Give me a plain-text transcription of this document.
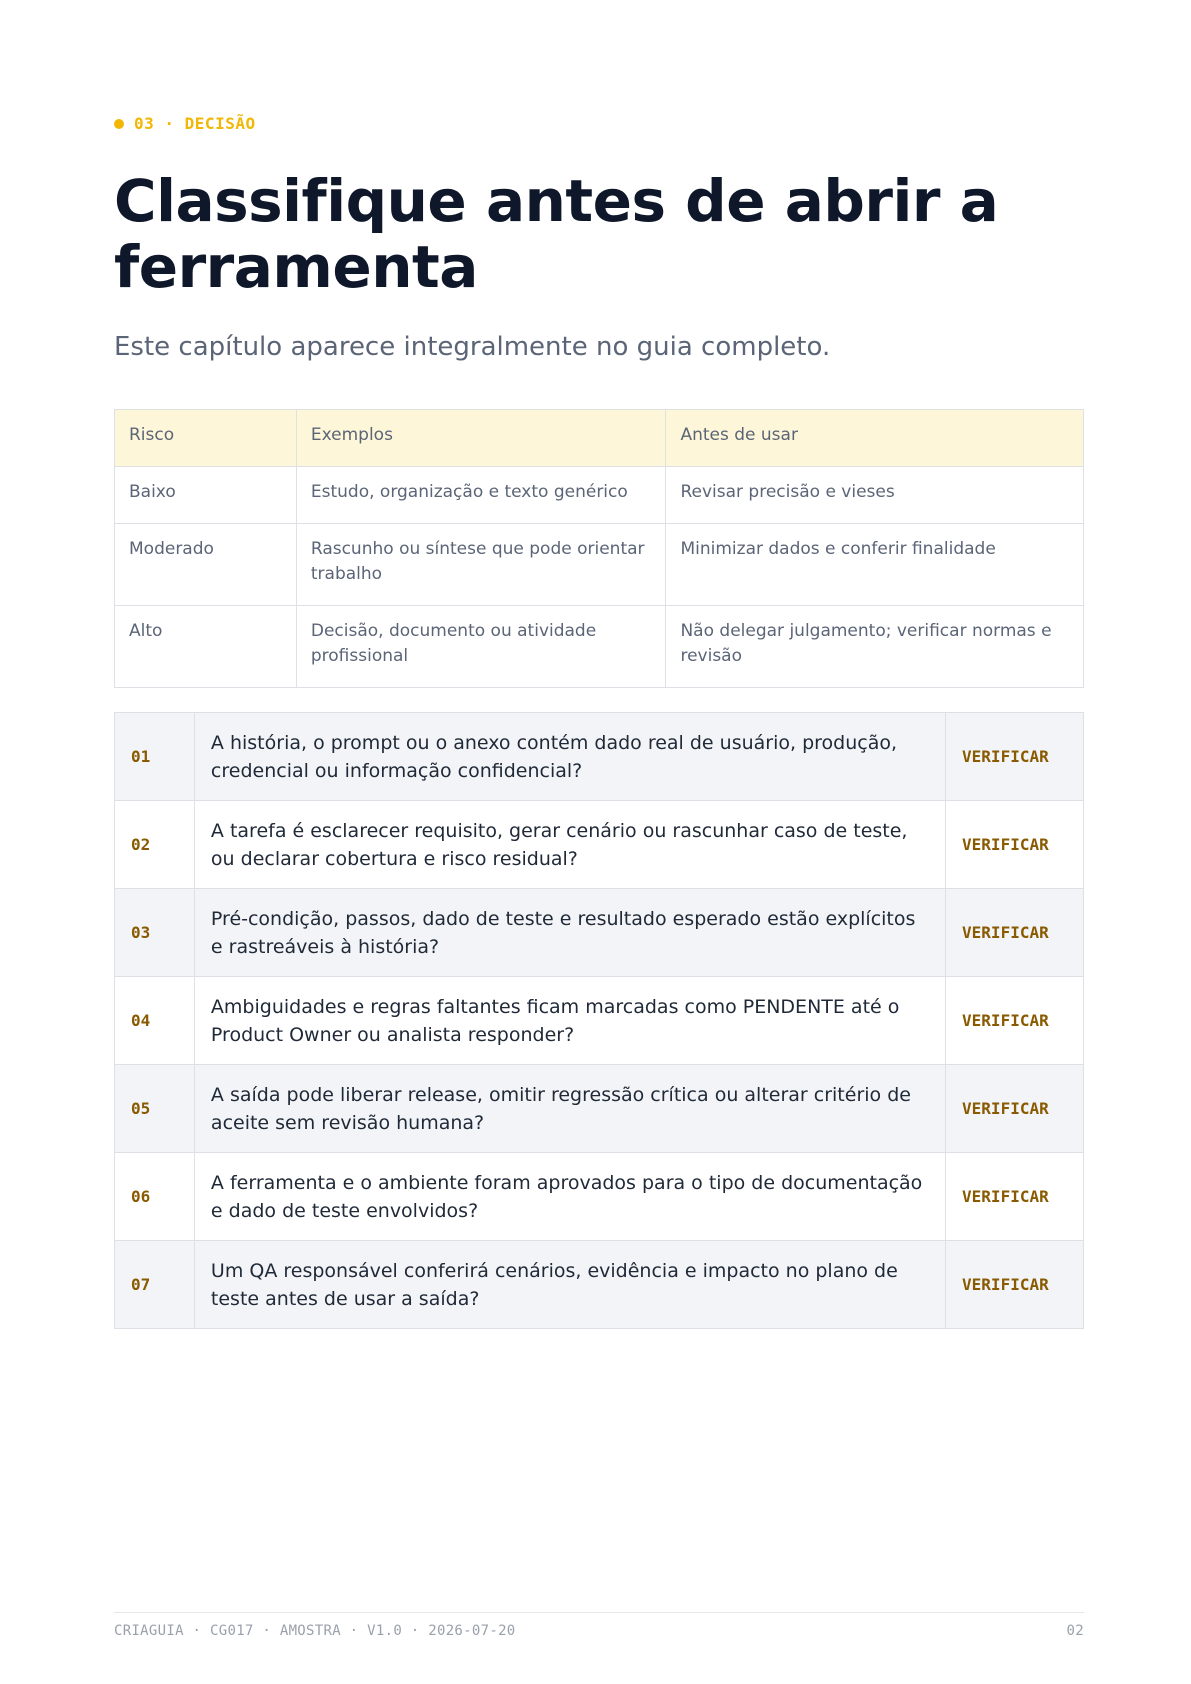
03 · DECISÃO
Classifique antes de abrir a ferramenta

Este capítulo aparece integralmente no guia completo.

Risco	Exemplos	Antes de usar
Baixo	Estudo, organização e texto genérico	Revisar precisão e vieses
Moderado	Rascunho ou síntese que pode orientar trabalho	Minimizar dados e conferir finalidade
Alto	Decisão, documento ou atividade profissional	Não delegar julgamento; verificar normas e revisão
01	A história, o prompt ou o anexo contém dado real de usuário, produção, credencial ou informação confidencial?	VERIFICAR
02	A tarefa é esclarecer requisito, gerar cenário ou rascunhar caso de teste, ou declarar cobertura e risco residual?	VERIFICAR
03	Pré-condição, passos, dado de teste e resultado esperado estão explícitos e rastreáveis à história?	VERIFICAR
04	Ambiguidades e regras faltantes ficam marcadas como PENDENTE até o Product Owner ou analista responder?	VERIFICAR
05	A saída pode liberar release, omitir regressão crítica ou alterar critério de aceite sem revisão humana?	VERIFICAR
06	A ferramenta e o ambiente foram aprovados para o tipo de documentação e dado de teste envolvidos?	VERIFICAR
07	Um QA responsável conferirá cenários, evidência e impacto no plano de teste antes de usar a saída?	VERIFICAR
CRIAGUIA · CG017 · AMOSTRA · V1.0 · 2026-07-20	02
